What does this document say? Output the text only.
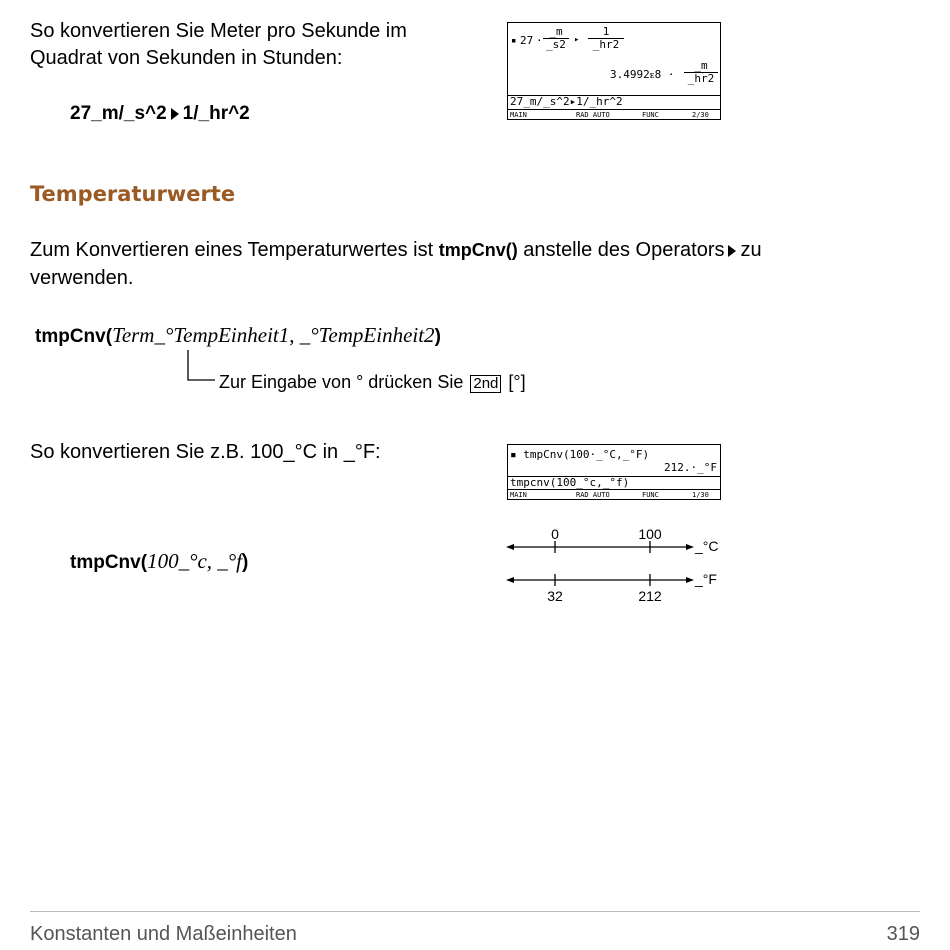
So konvertieren Sie Meter pro Sekunde im
Quadrat von Sekunden in Stunden:
27_m/_s^2 1/_hr^2
▪ $27 \cdot \frac{\_m}{\_s2}$ ▸ $\frac{1}{\_hr2}$
3.4992ᴇ8 · $\frac{\_m}{\_hr2}$
27_m/_s^2▸1/_hr^2
MAIN	RAD AUTO	FUNC	2/30
Temperaturwerte
Zum Konvertieren eines Temperaturwertes ist tmpCnv() anstelle des Operators zu
verwenden.
tmpCnv(Term_°TempEinheit1, _°TempEinheit2)
Zur Eingabe von ° drücken Sie 2nd [°]
So konvertieren Sie z.B. 100_°C in _°F:
tmpCnv(100_°c, _°f)
▪ tmpCnv(100·_°C,_°F)
212.·_°F
tmpcnv(100_°c,_°f)
MAIN	RAD AUTO	FUNC	1/30
0	100
_°C
32	212
_°F
Konstanten und Maßeinheiten	319
